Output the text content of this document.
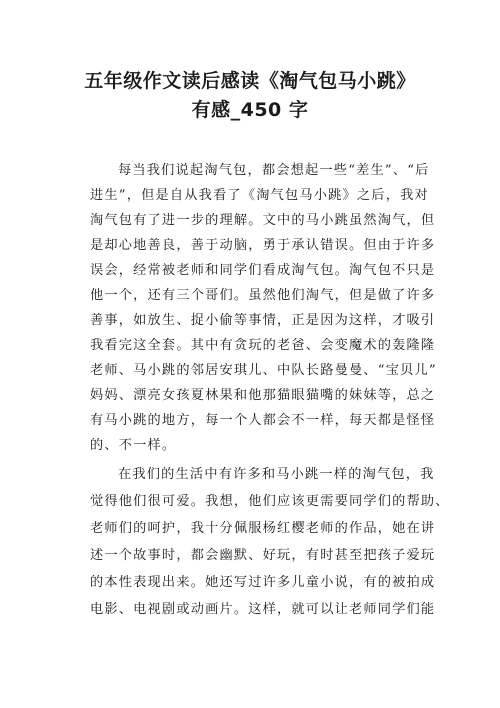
五年级作文读后感读《淘气包马小跳》
有感_450 字
每当我们说起淘气包，都会想起一些“差生”、“后
进生”，但是自从我看了《淘气包马小跳》之后，我对
淘气包有了进一步的理解。文中的马小跳虽然淘气，但
是却心地善良，善于动脑，勇于承认错误。但由于许多
误会，经常被老师和同学们看成淘气包。淘气包不只是
他一个，还有三个哥们。虽然他们淘气，但是做了许多
善事，如放生、捉小偷等事情，正是因为这样，才吸引
我看完这全套。其中有贪玩的老爸、会变魔术的轰隆隆
老师、马小跳的邻居安琪儿、中队长路曼曼、“宝贝儿”
妈妈、漂亮女孩夏林果和他那猫眼猫嘴的妹妹等，总之
有马小跳的地方，每一个人都会不一样，每天都是怪怪
的、不一样。
在我们的生活中有许多和马小跳一样的淘气包，我
觉得他们很可爱。我想，他们应该更需要同学们的帮助、
老师们的呵护，我十分佩服杨红樱老师的作品，她在讲
述一个故事时，都会幽默、好玩，有时甚至把孩子爱玩
的本性表现出来。她还写过许多儿童小说，有的被拍成
电影、电视剧或动画片。这样，就可以让老师同学们能
